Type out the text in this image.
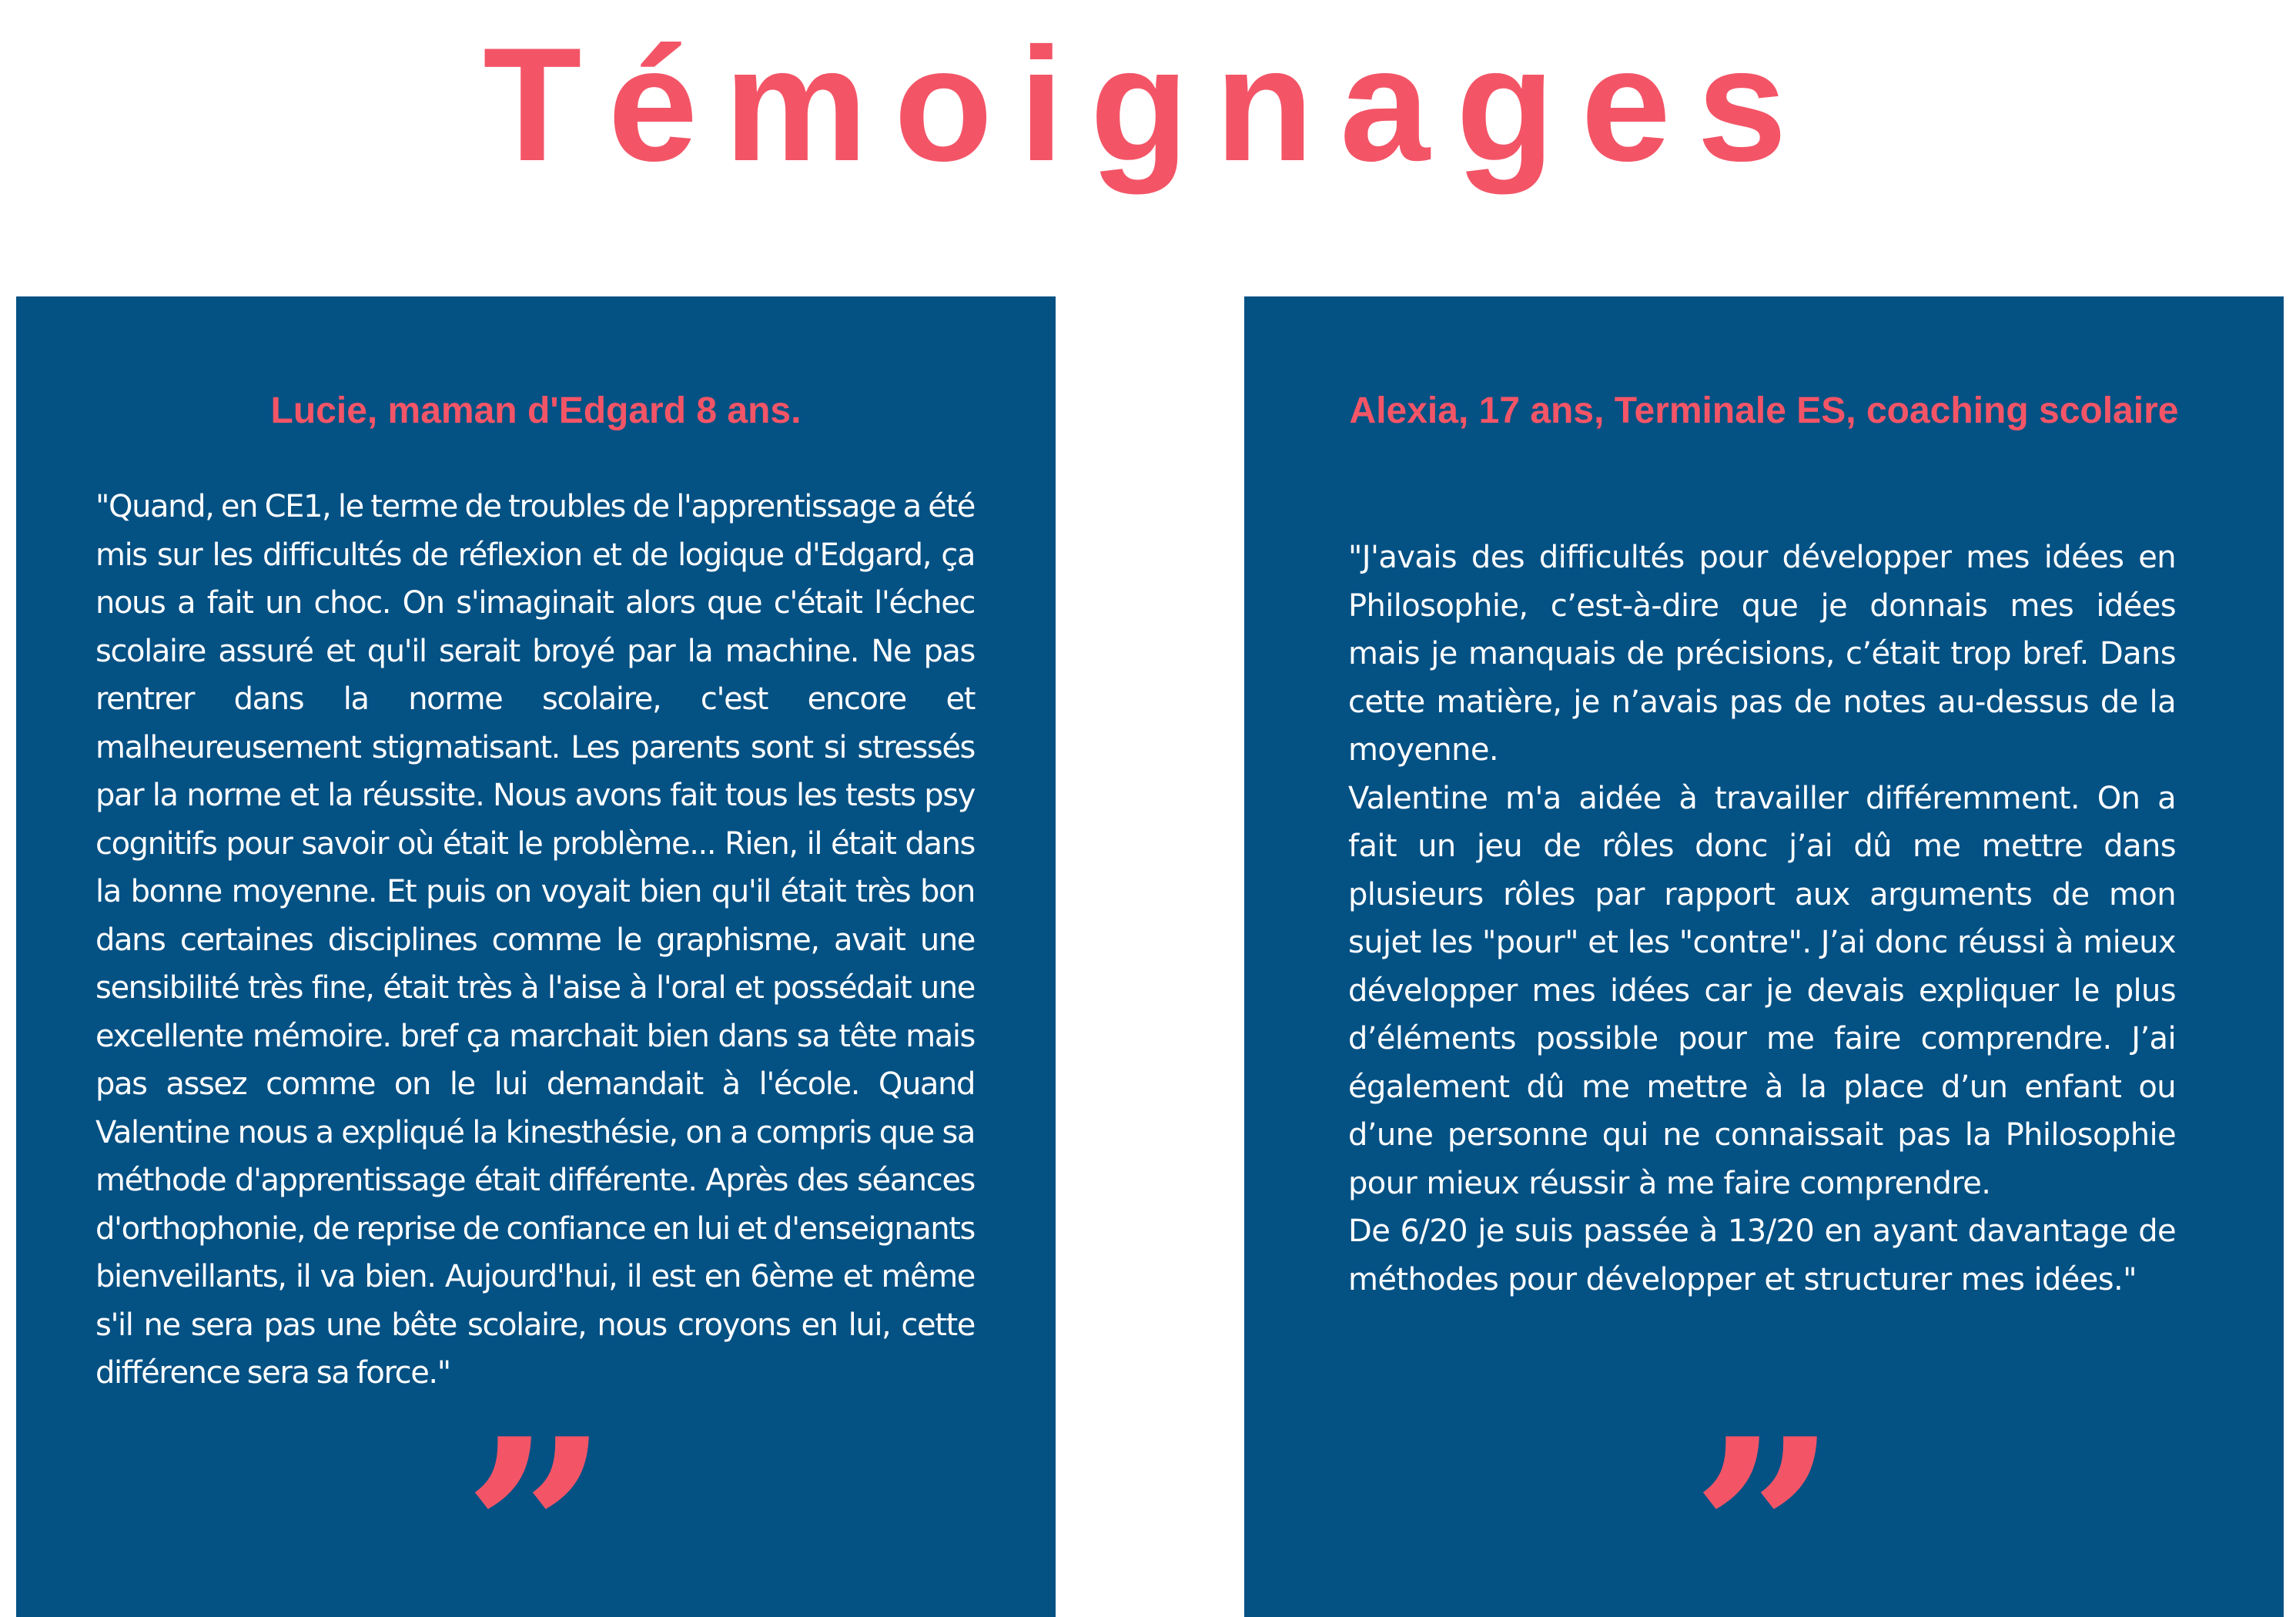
Témoignages
Lucie, maman d'Edgard 8 ans.

"Quand, en CE1, le terme de troubles de l'apprentissage a été mis sur les difficultés de réflexion et de logique d'Edgard, ça nous a fait un choc. On s'imaginait alors que c'était l'échec scolaire assuré et qu'il serait broyé par la machine. Ne pas rentrer dans la norme scolaire, c'est encore et malheureusement stigmatisant. Les parents sont si stressés par la norme et la réussite. Nous avons fait tous les tests psy cognitifs pour savoir où était le problème... Rien, il était dans la bonne moyenne. Et puis on voyait bien qu'il était très bon dans certaines disciplines comme le graphisme, avait une sensibilité très fine, était très à l'aise à l'oral et possédait une excellente mémoire. bref ça marchait bien dans sa tête mais pas assez comme on le lui demandait à l'école. Quand Valentine nous a expliqué la kinesthésie, on a compris que sa méthode d'apprentissage était différente. Après des séances d'orthophonie, de reprise de confiance en lui et d'enseignants bienveillants, il va bien. Aujourd'hui, il est en 6ème et même s'il ne sera pas une bête scolaire, nous croyons en lui, cette différence sera sa force."

”
Alexia, 17 ans, Terminale ES, coaching scolaire

"J'avais des difficultés pour développer mes idées en Philosophie, c’est-à-dire que je donnais mes idées mais je manquais de précisions, c’était trop bref. Dans cette matière, je n’avais pas de notes au-dessus de la moyenne.
Valentine m'a aidée à travailler différemment. On a fait un jeu de rôles donc j’ai dû me mettre dans plusieurs rôles par rapport aux arguments de mon sujet les "pour" et les "contre". J’ai donc réussi à mieux développer mes idées car je devais expliquer le plus d’éléments possible pour me faire comprendre. J’ai également dû me mettre à la place d’un enfant ou d’une personne qui ne connaissait pas la Philosophie pour mieux réussir à me faire comprendre.
De 6/20 je suis passée à 13/20 en ayant davantage de méthodes pour développer et structurer mes idées."

”
